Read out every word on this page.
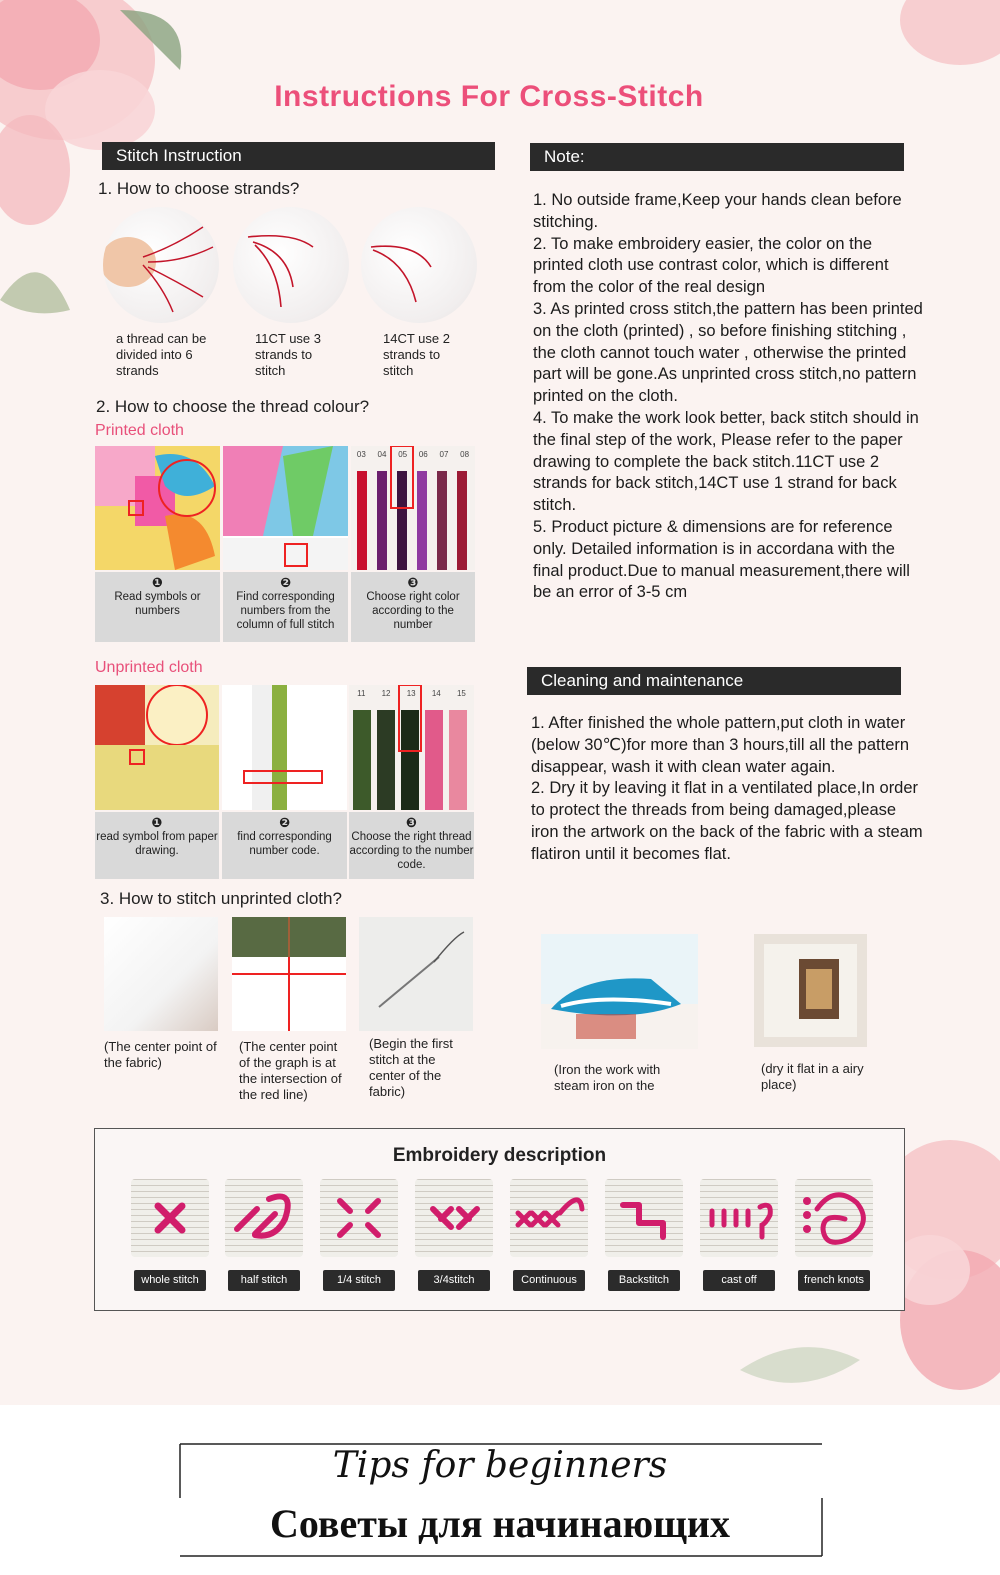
Instructions For Cross-Stitch
Stitch Instruction
1. How to choose strands?
a thread can be divided into 6 strands
11CT use 3 strands to stitch
14CT use 2 strands to stitch
2. How to choose the thread colour?
Printed cloth
03 04 05 06 07 08
❶
Read symbols or numbers
❷
Find corresponding numbers from the column of full stitch
❸
Choose right color according to the number
Unprinted cloth
11 12 13 14 15
❶
read symbol from paper drawing.
❷
find corresponding number code.
❸
Choose the right thread according to the number code.
3. How to stitch unprinted cloth?
(The center point of the fabric)
(The center point of the graph is at the intersection of the red line)
(Begin the first stitch at the center of the fabric)
Note:

1. No outside frame,Keep your hands clean before stitching.

2. To make embroidery easier, the color on the printed cloth use contrast color, which is different from the color of the real design

3. As printed cross stitch,the pattern has been printed on the cloth (printed) , so before finishing stitching , the cloth cannot touch water , otherwise the printed part will be gone.As unprinted cross stitch,no pattern printed on the cloth.

4. To make the work look better, back stitch should in the final step of the work, Please refer to the paper drawing to complete the back stitch.11CT use 2 strands for back stitch,14CT use 1 strand for back stitch.

5. Product picture & dimensions are for reference only. Detailed information is in accordana with the final product.Due to manual measurement,there will be an error of 3-5 cm

Cleaning and maintenance

1. After finished the whole pattern,put cloth in water (below 30℃)for more than 3 hours,till all the pattern disappear, wash it with clean water again.

2. Dry it by leaving it flat in a ventilated place,In order to protect the threads from being damaged,please iron the artwork on the back of the fabric with a steam flatiron until it becomes flat.

(Iron the work with steam iron on the
(dry it flat in a airy place)
Embroidery description
whole stitch	half stitch	1/4 stitch	3/4stitch	Continuous	Backstitch	cast off	french knots
Tips for beginners
Советы для начинающих
